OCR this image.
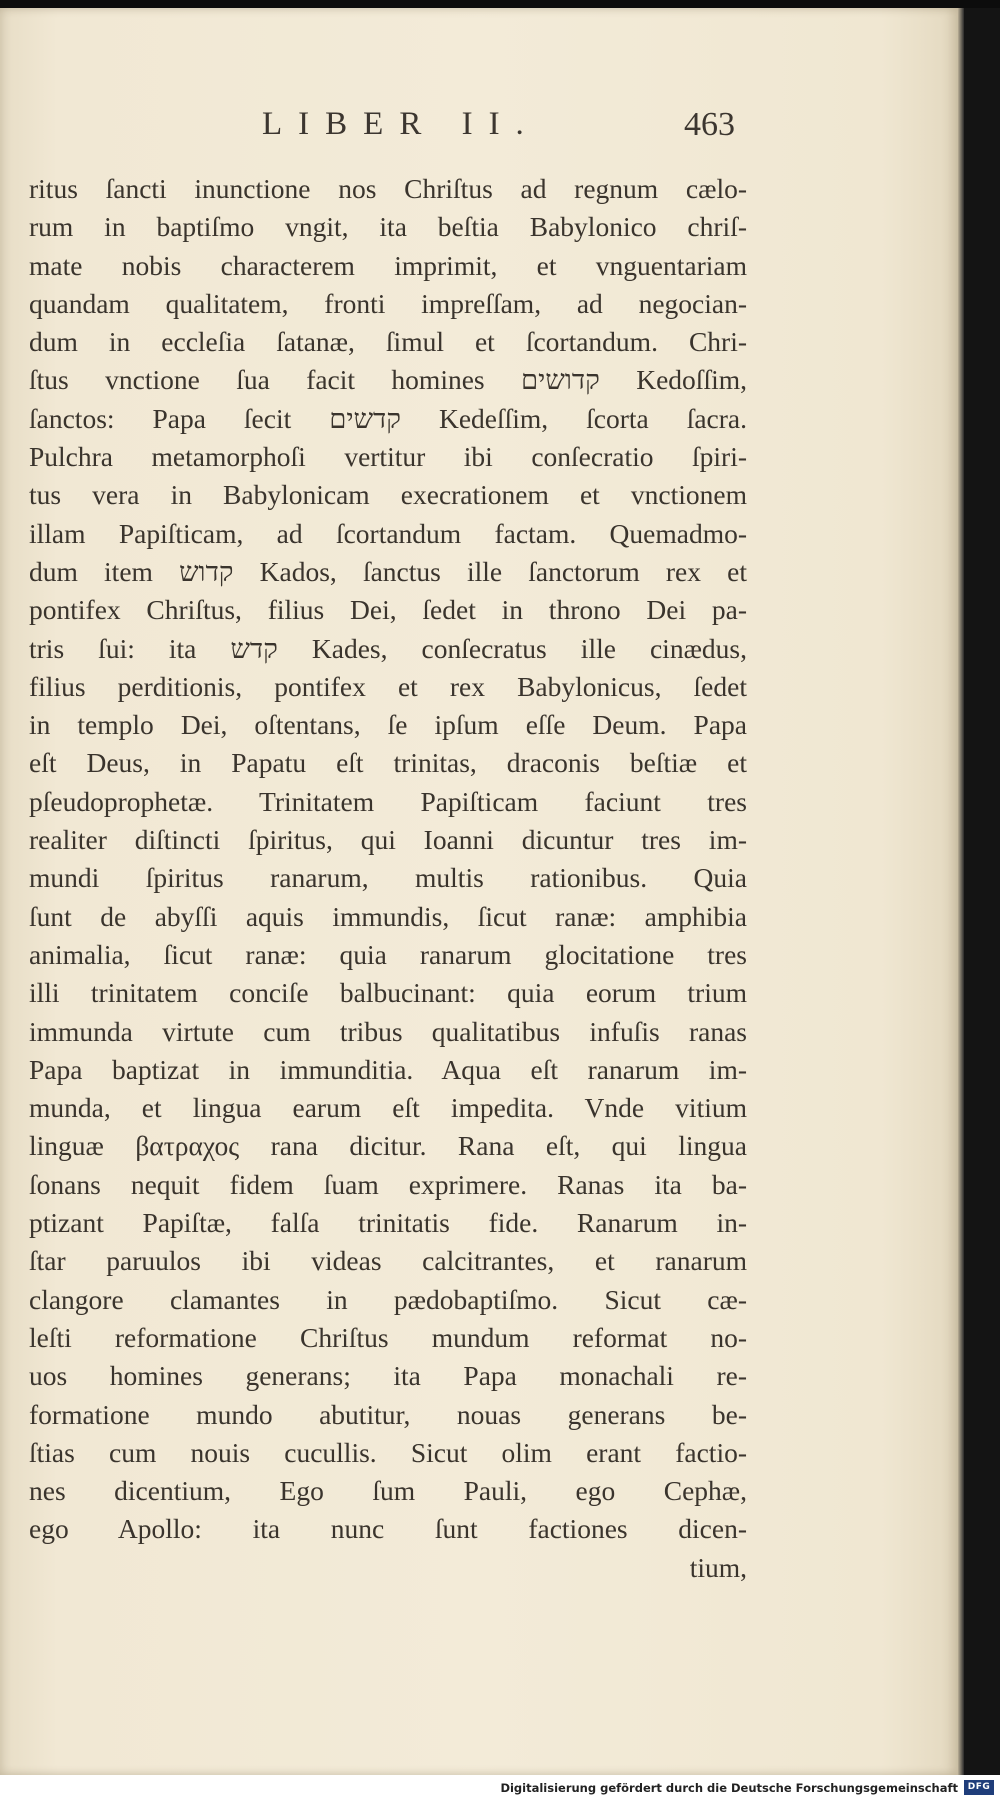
LIBER II.	463
ritus ſancti inunctione nos Chriſtus ad regnum cælo-
rum in baptiſmo vngit, ita beſtia Babylonico chriſ-
mate nobis characterem imprimit, et vnguentariam
quandam qualitatem, fronti impreſſam, ad negocian-
dum in eccleſia ſatanæ, ſimul et ſcortandum. Chri-
ſtus vnctione ſua facit homines קדושים Kedoſſim,
ſanctos: Papa ſecit קדשים Kedeſſim, ſcorta ſacra.
Pulchra metamorphoſi vertitur ibi conſecratio ſpiri-
tus vera in Babylonicam execrationem et vnctionem
illam Papiſticam, ad ſcortandum factam. Quemadmo-
dum item קדוש Kados, ſanctus ille ſanctorum rex et
pontifex Chriſtus, filius Dei, ſedet in throno Dei pa-
tris ſui: ita קדש Kades, conſecratus ille cinædus,
filius perditionis, pontifex et rex Babylonicus, ſedet
in templo Dei, oſtentans, ſe ipſum eſſe Deum. Papa
eſt Deus, in Papatu eſt trinitas, draconis beſtiæ et
pſeudoprophetæ. Trinitatem Papiſticam faciunt tres
realiter diſtincti ſpiritus, qui Ioanni dicuntur tres im-
mundi ſpiritus ranarum, multis rationibus. Quia
ſunt de abyſſi aquis immundis, ſicut ranæ: amphibia
animalia, ſicut ranæ: quia ranarum glocitatione tres
illi trinitatem conciſe balbucinant: quia eorum trium
immunda virtute cum tribus qualitatibus infuſis ranas
Papa baptizat in immunditia. Aqua eſt ranarum im-
munda, et lingua earum eſt impedita. Vnde vitium
linguæ βατραχος rana dicitur. Rana eſt, qui lingua
ſonans nequit fidem ſuam exprimere. Ranas ita ba-
ptizant Papiſtæ, falſa trinitatis fide. Ranarum in-
ſtar paruulos ibi videas calcitrantes, et ranarum
clangore clamantes in pædobaptiſmo. Sicut cæ-
leſti reformatione Chriſtus mundum reformat no-
uos homines generans; ita Papa monachali re-
formatione mundo abutitur, nouas generans be-
ſtias cum nouis cucullis. Sicut olim erant factio-
nes dicentium, Ego ſum Pauli, ego Cephæ,
ego Apollo: ita nunc ſunt factiones dicen-
tium,
Digitalisierung gefördert durch die Deutsche Forschungsgemeinschaft	DFG
